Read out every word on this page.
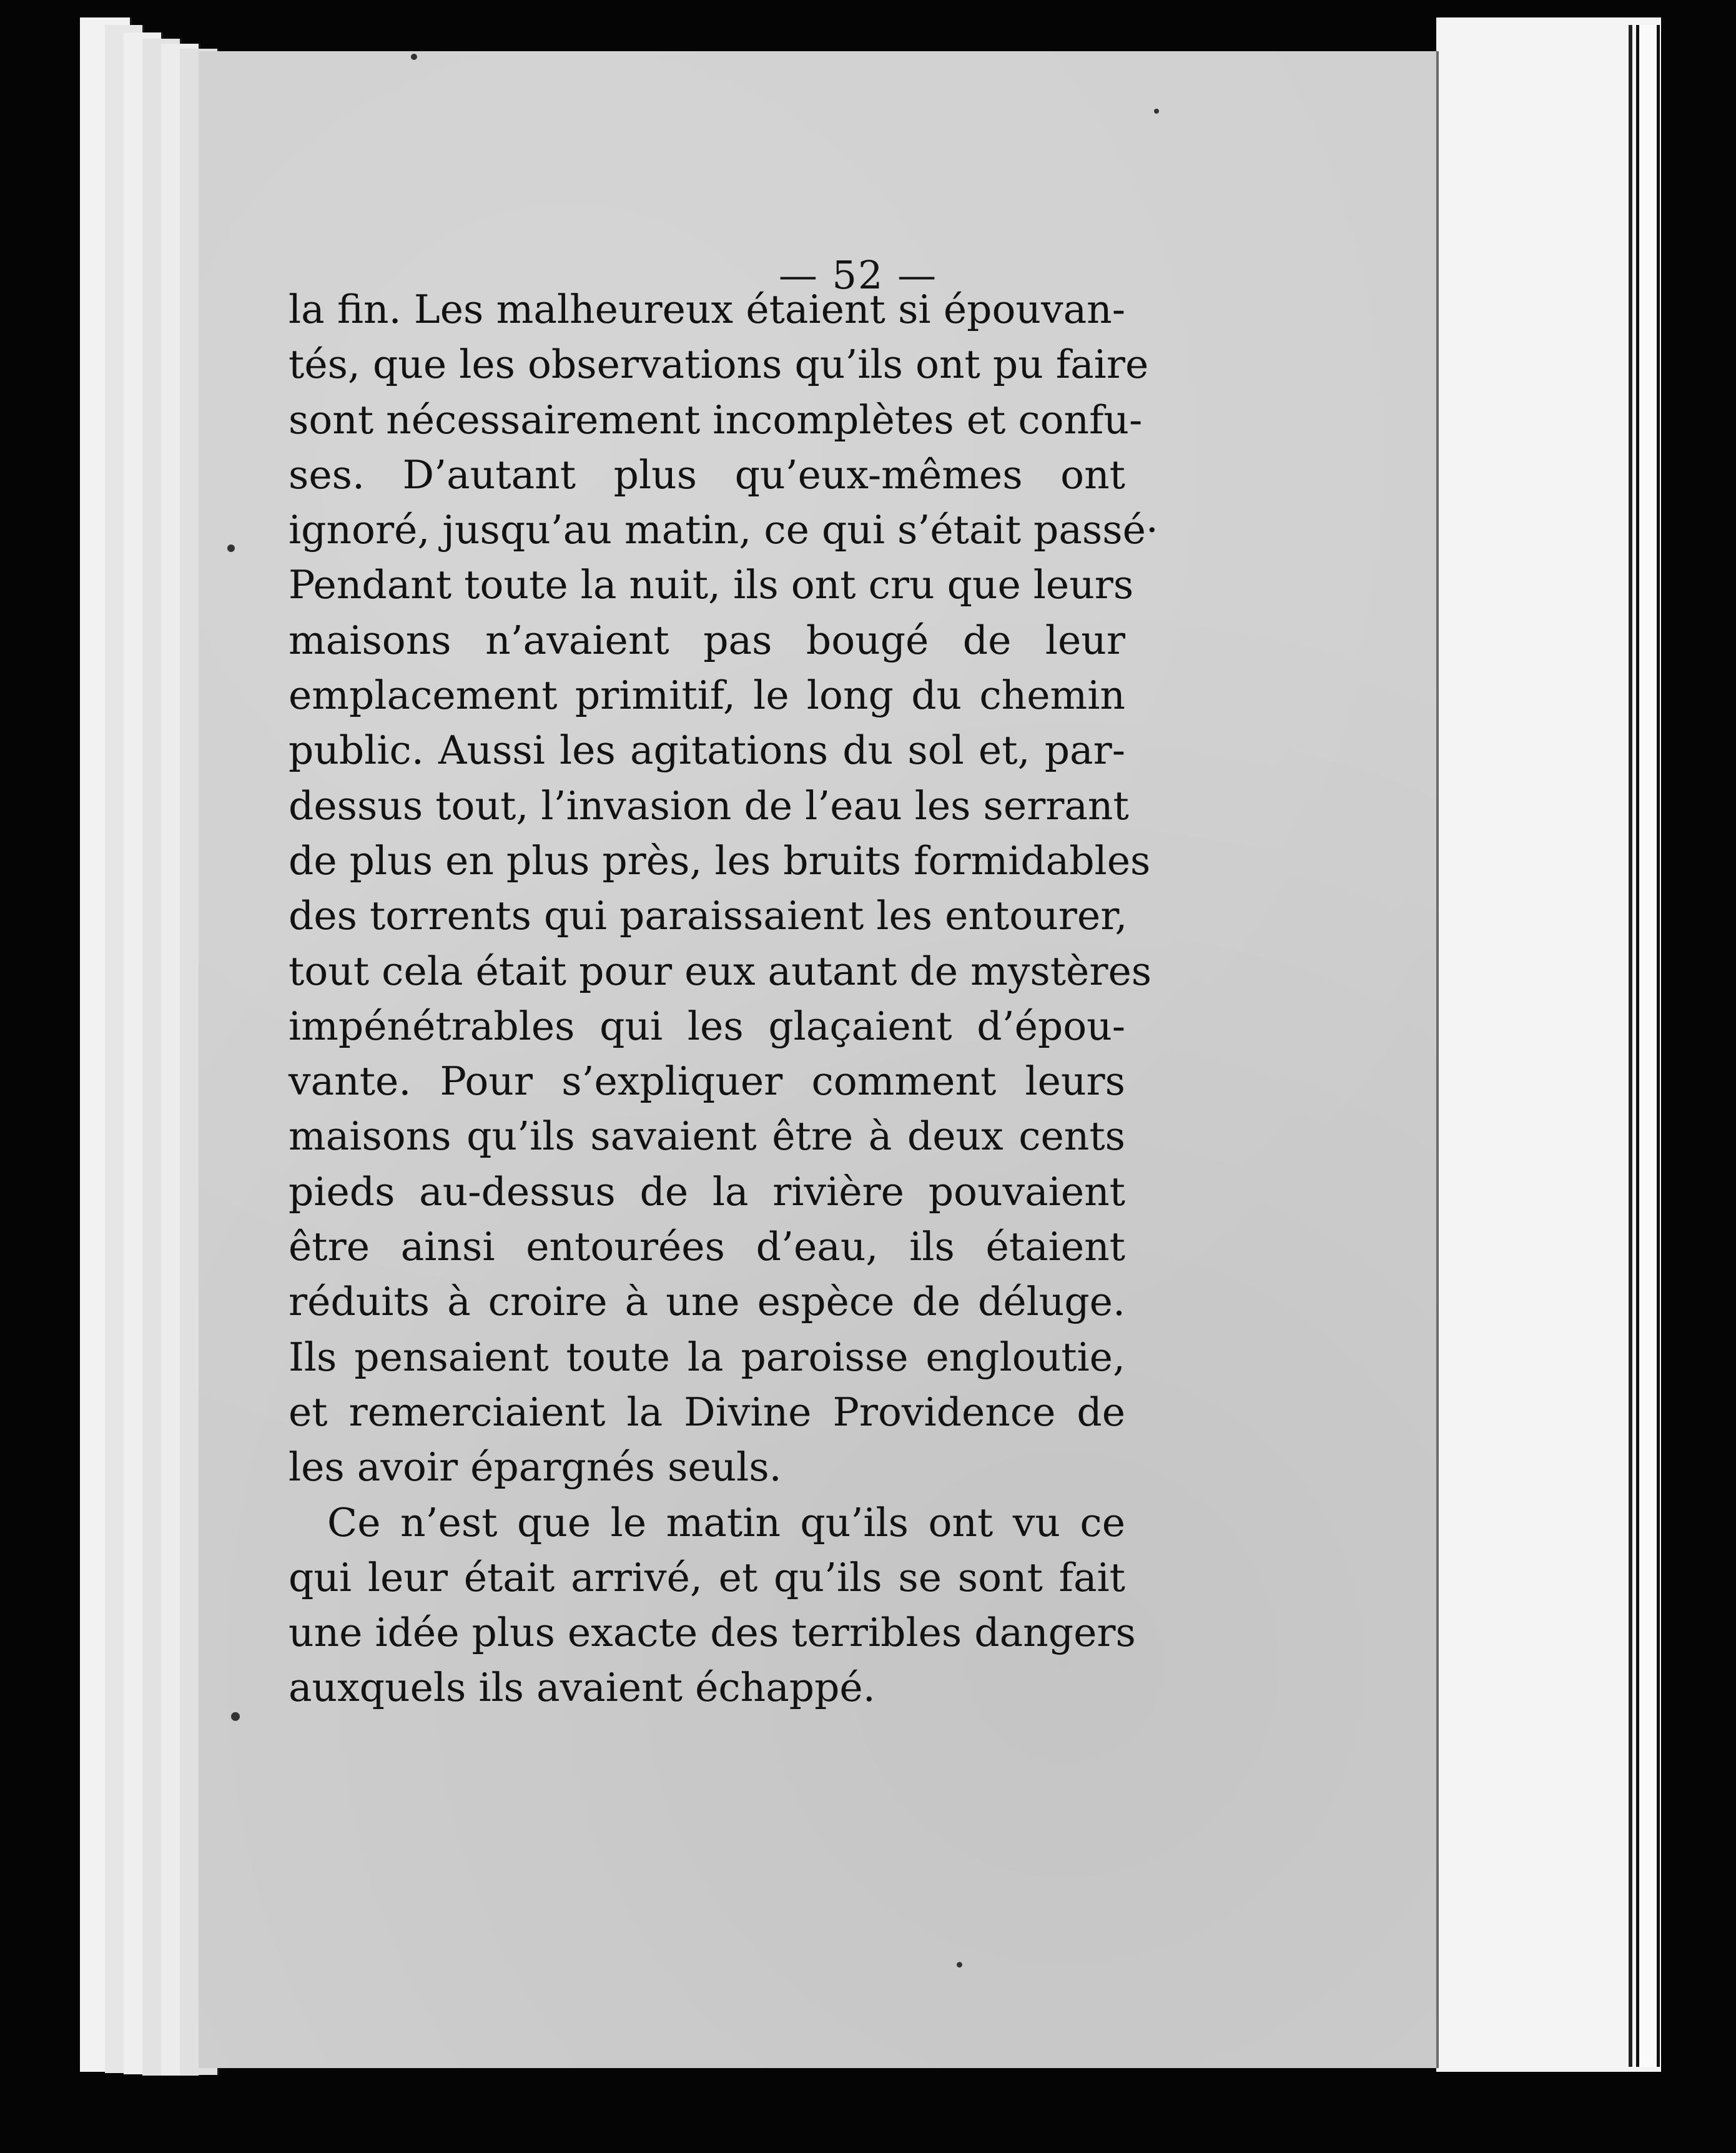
— 52 —
la fin. Les malheureux étaient si épouvan-
tés, que les observations qu’ils ont pu faire
sont nécessairement incomplètes et confu-
ses. D’autant plus qu’eux-mêmes ont
ignoré, jusqu’au matin, ce qui s’était passé·
Pendant toute la nuit, ils ont cru que leurs
maisons n’avaient pas bougé de leur
emplacement primitif, le long du chemin
public. Aussi les agitations du sol et, par-
dessus tout, l’invasion de l’eau les serrant
de plus en plus près, les bruits formidables
des torrents qui paraissaient les entourer,
tout cela était pour eux autant de mystères
impénétrables qui les glaçaient d’épou-
vante. Pour s’expliquer comment leurs
maisons qu’ils savaient être à deux cents
pieds au-dessus de la rivière pouvaient
être ainsi entourées d’eau, ils étaient
réduits à croire à une espèce de déluge.
Ils pensaient toute la paroisse engloutie,
et remerciaient la Divine Providence de
les avoir épargnés seuls.
Ce n’est que le matin qu’ils ont vu ce
qui leur était arrivé, et qu’ils se sont fait
une idée plus exacte des terribles dangers
auxquels ils avaient échappé.
